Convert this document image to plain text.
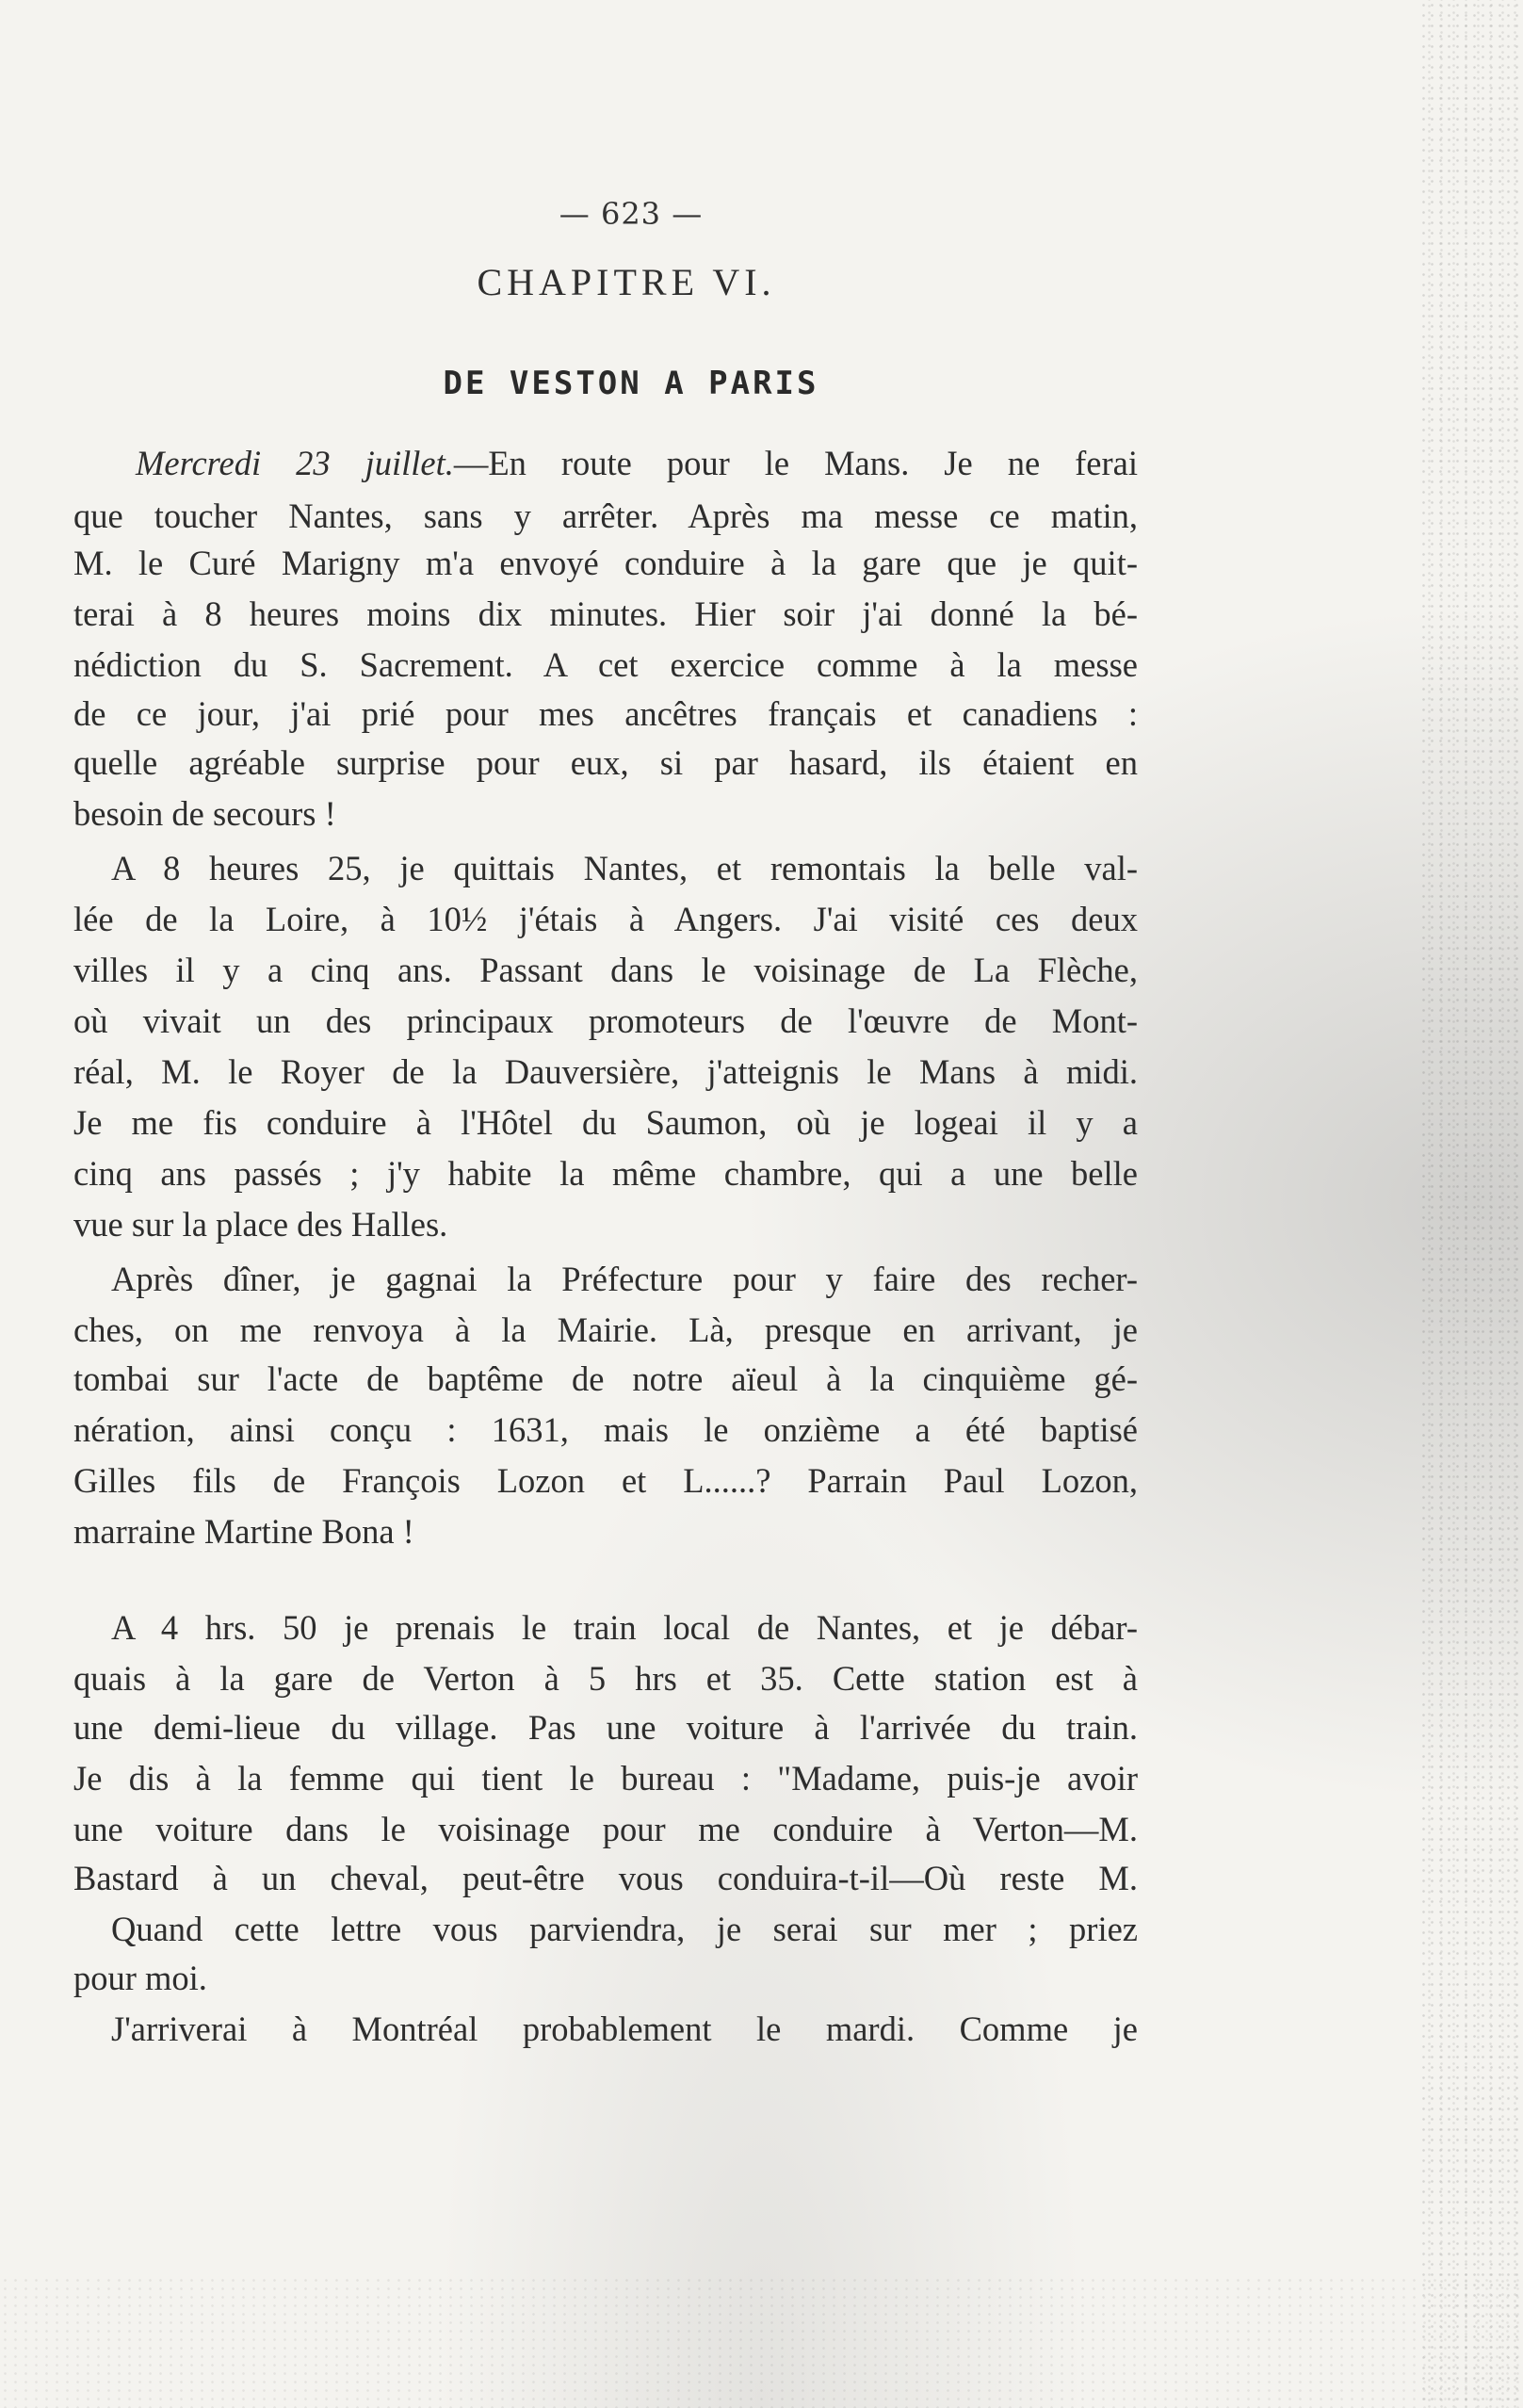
— 623 —
CHAPITRE VI.
DE VESTON A PARIS
Mercredi 23 juillet.—En route pour le Mans. Je ne ferai
que toucher Nantes, sans y arrêter. Après ma messe ce matin,
M. le Curé Marigny m'a envoyé conduire à la gare que je quit-
terai à 8 heures moins dix minutes. Hier soir j'ai donné la bé-
nédiction du S. Sacrement. A cet exercice comme à la messe
de ce jour, j'ai prié pour mes ancêtres français et canadiens :
quelle agréable surprise pour eux, si par hasard, ils étaient en
besoin de secours !
A 8 heures 25, je quittais Nantes, et remontais la belle val-
lée de la Loire, à 10½ j'étais à Angers. J'ai visité ces deux
villes il y a cinq ans. Passant dans le voisinage de La Flèche,
où vivait un des principaux promoteurs de l'œuvre de Mont-
réal, M. le Royer de la Dauversière, j'atteignis le Mans à midi.
Je me fis conduire à l'Hôtel du Saumon, où je logeai il y a
cinq ans passés ; j'y habite la même chambre, qui a une belle
vue sur la place des Halles.
Après dîner, je gagnai la Préfecture pour y faire des recher-
ches, on me renvoya à la Mairie. Là, presque en arrivant, je
tombai sur l'acte de baptême de notre aïeul à la cinquième gé-
nération, ainsi conçu : 1631, mais le onzième a été baptisé
Gilles fils de François Lozon et L......? Parrain Paul Lozon,
marraine Martine Bona !
A 4 hrs. 50 je prenais le train local de Nantes, et je débar-
quais à la gare de Verton à 5 hrs et 35. Cette station est à
une demi-lieue du village. Pas une voiture à l'arrivée du train.
Je dis à la femme qui tient le bureau : "Madame, puis-je avoir
une voiture dans le voisinage pour me conduire à Verton—M.
Bastard à un cheval, peut-être vous conduira-t-il—Où reste M.
Quand cette lettre vous parviendra, je serai sur mer ; priez
pour moi.
J'arriverai à Montréal probablement le mardi. Comme je
